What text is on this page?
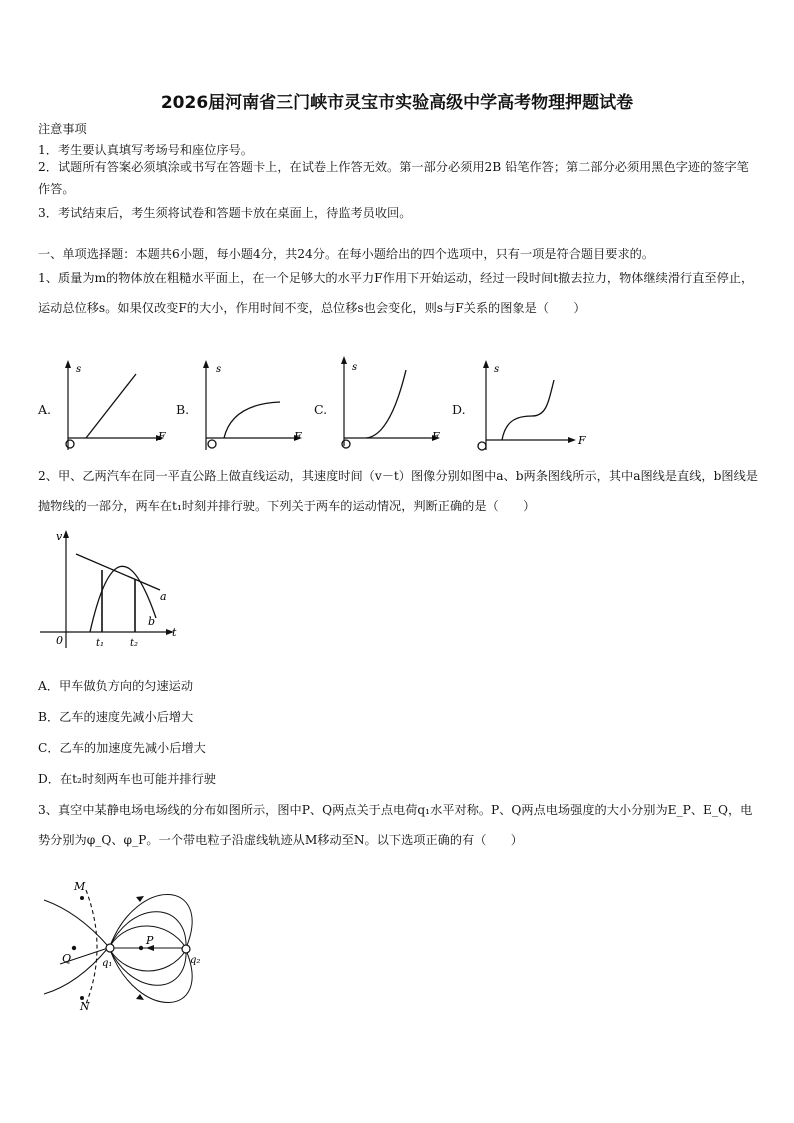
2026届河南省三门峡市灵宝市实验高级中学高考物理押题试卷
注意事项
1．考生要认真填写考场号和座位序号。
2．试题所有答案必须填涂或书写在答题卡上，在试卷上作答无效。第一部分必须用2B 铅笔作答；第二部分必须用黑色字迹的签字笔作答。
3．考试结束后，考生须将试卷和答题卡放在桌面上，待监考员收回。
一、单项选择题：本题共6小题，每小题4分，共24分。在每小题给出的四个选项中，只有一项是符合题目要求的。
1、质量为m的物体放在粗糙水平面上，在一个足够大的水平力F作用下开始运动，经过一段时间t撤去拉力，物体继续滑行直至停止，运动总位移s。如果仅改变F的大小，作用时间不变，总位移s也会变化，则s与F关系的图象是（　　）
A.
s
F
B.
s
F
C.
s
F
D.
s
F
2、甲、乙两汽车在同一平直公路上做直线运动，其速度时间（v－t）图像分别如图中a、b两条图线所示，其中a图线是直线，b图线是抛物线的一部分，两车在t₁时刻并排行驶。下列关于两车的运动情况，判断正确的是（　　）
v
t
0	t₁	t₂
a
b
A．甲车做负方向的匀速运动
B．乙车的速度先减小后增大
C．乙车的加速度先减小后增大
D．在t₂时刻两车也可能并排行驶
3、真空中某静电场电场线的分布如图所示，图中P、Q两点关于点电荷q₁水平对称。P、Q两点电场强度的大小分别为E_P、E_Q，电势分别为φ_Q、φ_P。一个带电粒子沿虚线轨迹从M移动至N。以下选项正确的有（　　）
M
N
P
Q	q₁	q₂
